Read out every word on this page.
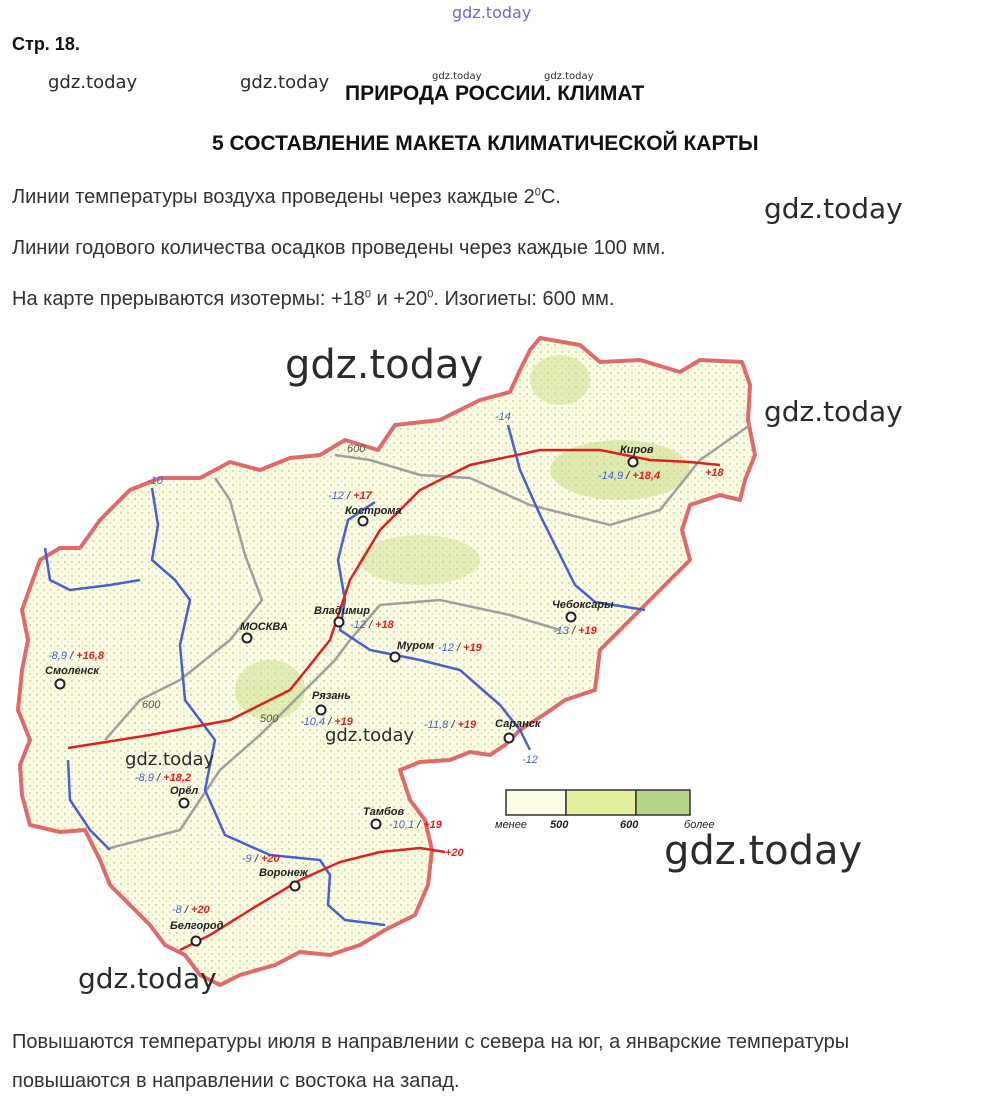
gdz.today
Стр. 18.
gdz.today	gdz.today	gdz.today	gdz.today
ПРИРОДА РОССИИ. КЛИМАТ
5 СОСТАВЛЕНИЕ МАКЕТА КЛИМАТИЧЕСКОЙ КАРТЫ
Линии температуры воздуха проведены через каждые $2^0С$.	gdz.today
Линии годового количества осадков проведены через каждые 100 мм.
На карте прерываются изотермы: $+18^0$ $и +20^0$. Изогиеты: 600 мм.
-14
-10
-12
+18
+20
600
600
500
Киров
-14,9 / +18,4
Кострома
-12 / +17
Владимир
-12 / +18
МОСКВА
Муром -12 / +19
Чебоксары
-13 / +19
Смоленск
-8,9 / +16,8
Рязань
-10,4 / +19	Саранск
-11,8 / +19
Орёл
-8,9 / +18,2
Тамбов
-10,1 / +19
Воронеж
-9 / +20
Белгород
-8 / +20
менее 500	600	более
gdz.today
gdz.today
gdz.today
gdz.today
gdz.today
gdz.today
Повышаются температуры июля в направлении с севера на юг, а январские температуры
повышаются в направлении с востока на запад.
